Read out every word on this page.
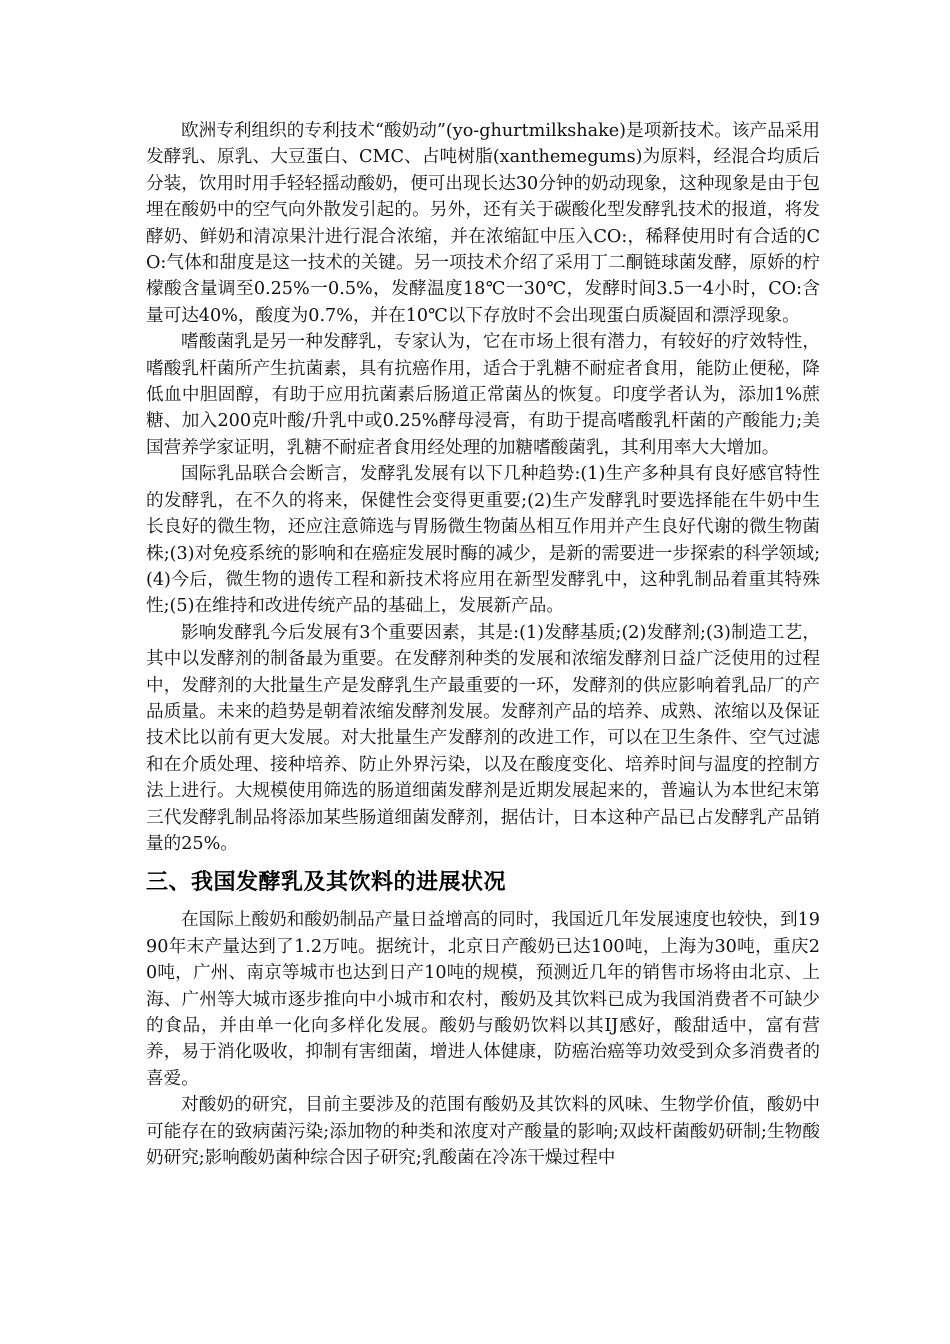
欧洲专利组织的专利技术“酸奶动”(yo-ghurtmilkshake)是项新技术。该产品采用发酵乳、原乳、大豆蛋白、CMC、占吨树脂(xanthemegums)为原料，经混合均质后分装，饮用时用手轻轻摇动酸奶，便可出现长达30分钟的奶动现象，这种现象是由于包埋在酸奶中的空气向外散发引起的。另外，还有关于碳酸化型发酵乳技术的报道，将发酵奶、鲜奶和清凉果汁进行混合浓缩，并在浓缩缸中压入CO:，稀释使用时有合适的CO:气体和甜度是这一技术的关键。另一项技术介绍了采用丁二酮链球菌发酵，原娇的柠檬酸含量调至0.25%一0.5%，发酵温度18℃一30℃，发酵时间3.5一4小时，CO:含量可达40%，酸度为0.7%，并在10℃以下存放时不会出现蛋白质凝固和漂浮现象。

嗜酸菌乳是另一种发酵乳，专家认为，它在市场上很有潜力，有较好的疗效特性，嗜酸乳杆菌所产生抗菌素，具有抗癌作用，适合于乳糖不耐症者食用，能防止便秘，降低血中胆固醇，有助于应用抗菌素后肠道正常菌丛的恢复。印度学者认为，添加1%蔗糖、加入200克叶酸/升乳中或0.25%酵母浸膏，有助于提高嗜酸乳杆菌的产酸能力;美国营养学家证明，乳糖不耐症者食用经处理的加糖嗜酸菌乳，其利用率大大增加。

国际乳品联合会断言，发酵乳发展有以下几种趋势:(1)生产多种具有良好感官特性的发酵乳，在不久的将来，保健性会变得更重要;(2)生产发酵乳时要选择能在牛奶中生长良好的微生物，还应注意筛选与胃肠微生物菌丛相互作用并产生良好代谢的微生物菌株;(3)对免疫系统的影响和在癌症发展时酶的减少，是新的需要进一步探索的科学领域;(4)今后，微生物的遗传工程和新技术将应用在新型发酵乳中，这种乳制品着重其特殊性;(5)在维持和改进传统产品的基础上，发展新产品。

影响发酵乳今后发展有3个重要因素，其是:(1)发酵基质;(2)发酵剂;(3)制造工艺，其中以发酵剂的制备最为重要。在发酵剂种类的发展和浓缩发酵剂日益广泛使用的过程中，发酵剂的大批量生产是发酵乳生产最重要的一环，发酵剂的供应影响着乳品厂的产品质量。未来的趋势是朝着浓缩发酵剂发展。发酵剂产品的培养、成熟、浓缩以及保证技术比以前有更大发展。对大批量生产发酵剂的改进工作，可以在卫生条件、空气过滤和在介质处理、接种培养、防止外界污染，以及在酸度变化、培养时间与温度的控制方法上进行。大规模使用筛选的肠道细菌发酵剂是近期发展起来的，普遍认为本世纪末第三代发酵乳制品将添加某些肠道细菌发酵剂，据估计，日本这种产品已占发酵乳产品销量的25%。

三、我国发酵乳及其饮料的进展状况

在国际上酸奶和酸奶制品产量日益增高的同时，我国近几年发展速度也较快，到1990年末产量达到了1.2万吨。据统计，北京日产酸奶已达100吨，上海为30吨，重庆20吨，广州、南京等城市也达到日产10吨的规模，预测近几年的销售市场将由北京、上海、广州等大城市逐步推向中小城市和农村，酸奶及其饮料已成为我国消费者不可缺少的食品，并由单一化向多样化发展。酸奶与酸奶饮料以其IJ感好，酸甜适中，富有营养，易于消化吸收，抑制有害细菌，增进人体健康，防癌治癌等功效受到众多消费者的喜爱。

对酸奶的研究，目前主要涉及的范围有酸奶及其饮料的风味、生物学价值，酸奶中可能存在的致病菌污染;添加物的种类和浓度对产酸量的影响;双歧杆菌酸奶研制;生物酸奶研究;影响酸奶菌种综合因子研究;乳酸菌在冷冻干燥过程中
